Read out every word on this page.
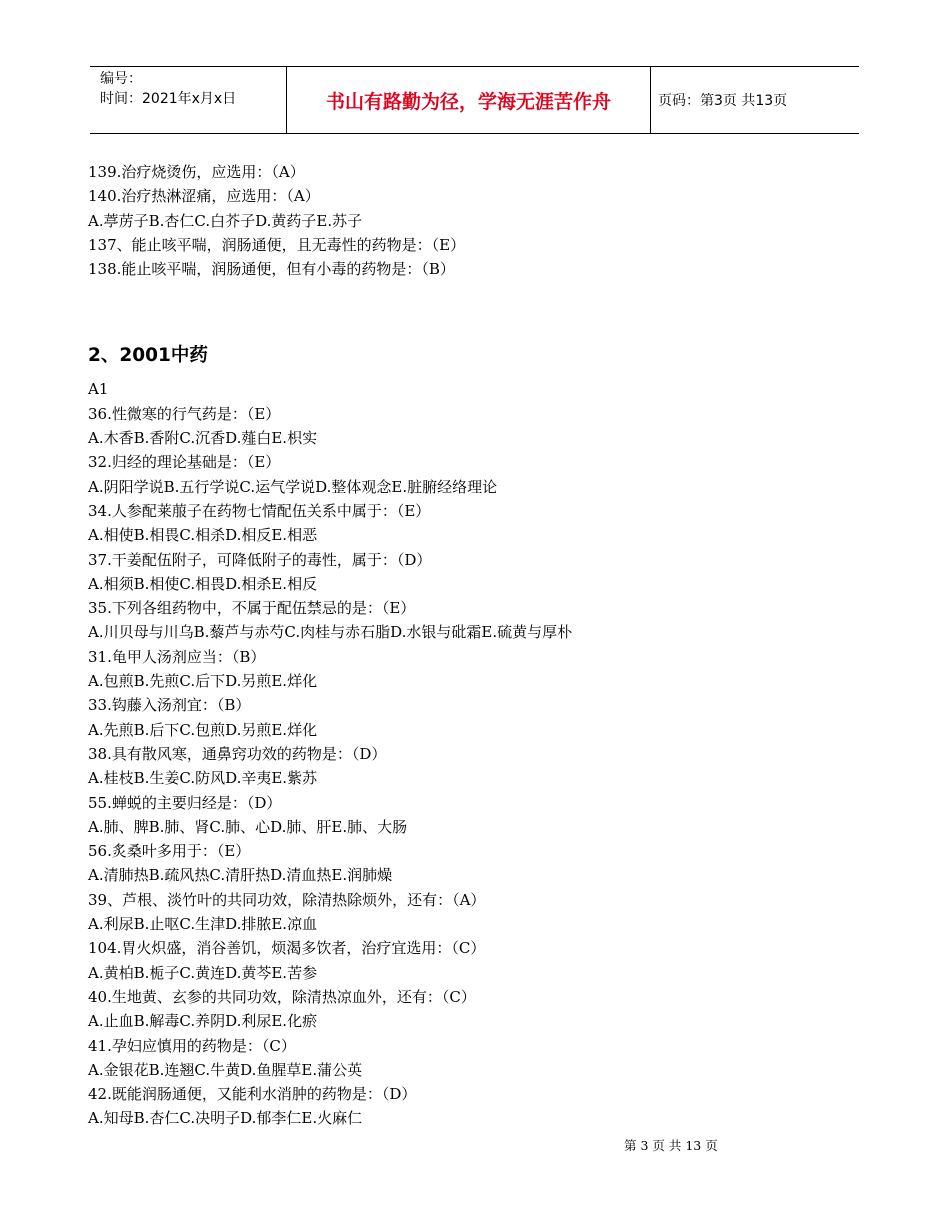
编号：
时间：2021年x月x日	书山有路勤为径，学海无涯苦作舟	页码：第3页 共13页
139.治疗烧烫伤，应选用：（A）
140.治疗热淋涩痛，应选用：（A）
A.葶苈子B.杏仁C.白芥子D.黄药子E.苏子
137、能止咳平喘，润肠通便，且无毒性的药物是：（E）
138.能止咳平喘，润肠通便，但有小毒的药物是：（B）
2、2001中药
A1
36.性微寒的行气药是：（E）
A.木香B.香附C.沉香D.薤白E.枳实
32.归经的理论基础是：（E）
A.阴阳学说B.五行学说C.运气学说D.整体观念E.脏腑经络理论
34.人参配莱菔子在药物七情配伍关系中属于：（E）
A.相使B.相畏C.相杀D.相反E.相恶
37.干姜配伍附子，可降低附子的毒性，属于：（D）
A.相须B.相使C.相畏D.相杀E.相反
35.下列各组药物中，不属于配伍禁忌的是：（E）
A.川贝母与川乌B.藜芦与赤芍C.肉桂与赤石脂D.水银与砒霜E.硫黄与厚朴
31.龟甲人汤剂应当：（B）
A.包煎B.先煎C.后下D.另煎E.烊化
33.钩藤入汤剂宜：（B）
A.先煎B.后下C.包煎D.另煎E.烊化
38.具有散风寒，通鼻窍功效的药物是：（D）
A.桂枝B.生姜C.防风D.辛夷E.紫苏
55.蝉蜕的主要归经是：（D）
A.肺、脾B.肺、肾C.肺、心D.肺、肝E.肺、大肠
56.炙桑叶多用于：（E）
A.清肺热B.疏风热C.清肝热D.清血热E.润肺燥
39、芦根、淡竹叶的共同功效，除清热除烦外，还有：（A）
A.利尿B.止呕C.生津D.排脓E.凉血
104.胃火炽盛，消谷善饥，烦渴多饮者，治疗宜选用：（C）
A.黄柏B.栀子C.黄连D.黄芩E.苦参
40.生地黄、玄参的共同功效，除清热凉血外，还有：（C）
A.止血B.解毒C.养阴D.利尿E.化瘀
41.孕妇应慎用的药物是：（C）
A.金银花B.连翘C.牛黄D.鱼腥草E.蒲公英
42.既能润肠通便，又能利水消肿的药物是：（D）
A.知母B.杏仁C.决明子D.郁李仁E.火麻仁
第 3 页 共 13 页
